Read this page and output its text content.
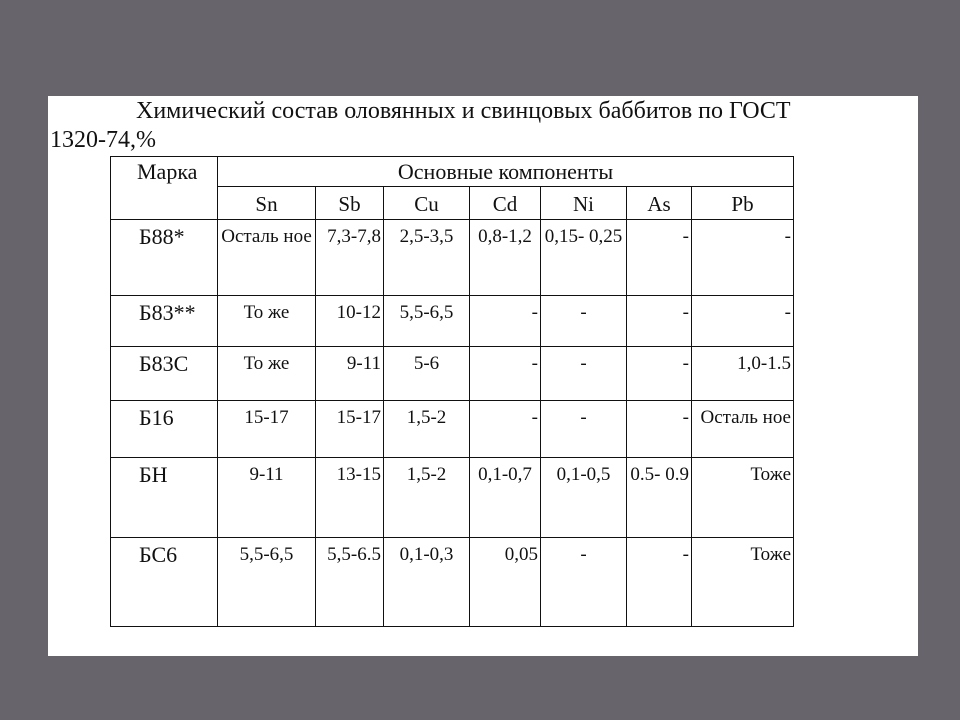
Химический состав оловянных и свинцовых баббитов по ГОСТ
1320-74,%
Марка	Основные компоненты						
	Sn	Sb	Cu	Cd	Ni	As	Pb
Б88*	Осталь ное	7,3-7,8	2,5-3,5	0,8-1,2	0,15- 0,25	-	-
Б83**	То же	10-12	5,5-6,5	-	-	-	-
Б83С	То же	9-11	5-6	-	-	-	1,0-1.5
Б16	15-17	15-17	1,5-2	-	-	-	Осталь ное
БН	9-11	13-15	1,5-2	0,1-0,7	0,1-0,5	0.5- 0.9	Тоже
БС6	5,5-6,5	5,5-6.5	0,1-0,3	0,05	-	-	Тоже
